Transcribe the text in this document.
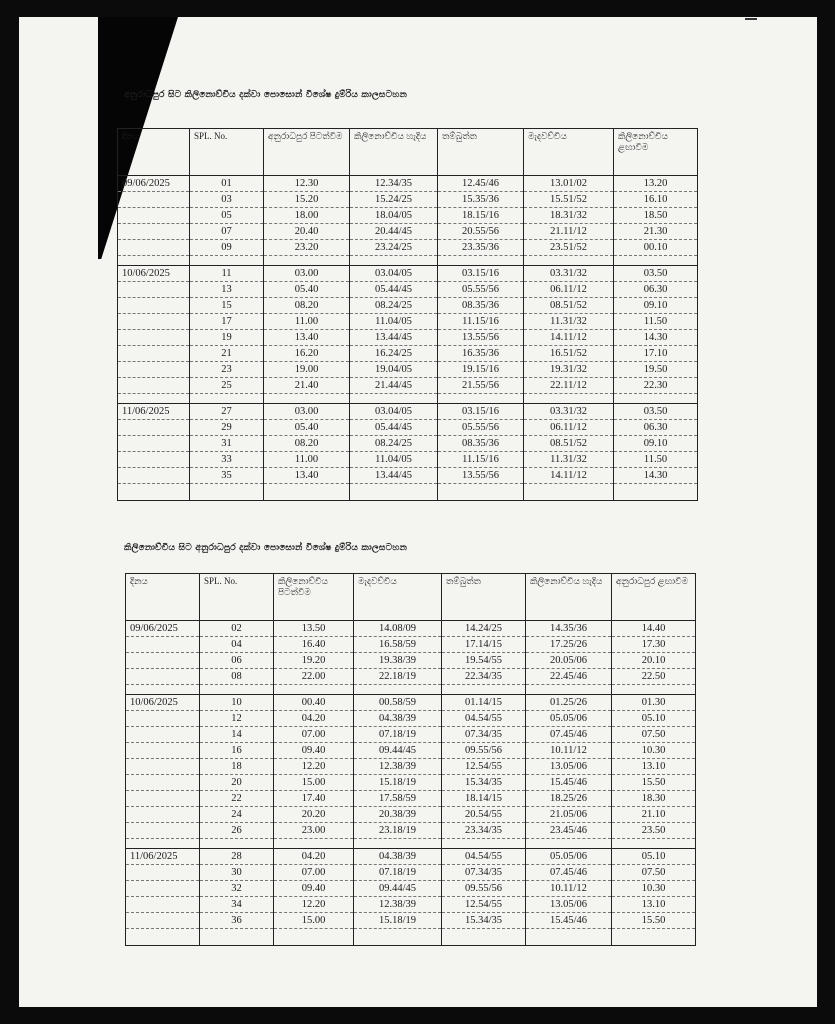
අනුරාධපුර සිට කිලිනොච්චිය දක්වා පොසොන් විශේෂ දුම්රිය කාලසටහන
දිනය	SPL. No.	අනුරාධපුර පිටත්වීම	කිලිනොච්චිය හැදිය	තම්බුත්ත	මැදවච්චිය	කිලිනොච්චිය ළඟාවීම
09/06/2025	01	12.30	12.34/35	12.45/46	13.01/02	13.20
	03	15.20	15.24/25	15.35/36	15.51/52	16.10
	05	18.00	18.04/05	18.15/16	18.31/32	18.50
	07	20.40	20.44/45	20.55/56	21.11/12	21.30
	09	23.20	23.24/25	23.35/36	23.51/52	00.10

10/06/2025	11	03.00	03.04/05	03.15/16	03.31/32	03.50
	13	05.40	05.44/45	05.55/56	06.11/12	06.30
	15	08.20	08.24/25	08.35/36	08.51/52	09.10
	17	11.00	11.04/05	11.15/16	11.31/32	11.50
	19	13.40	13.44/45	13.55/56	14.11/12	14.30
	21	16.20	16.24/25	16.35/36	16.51/52	17.10
	23	19.00	19.04/05	19.15/16	19.31/32	19.50
	25	21.40	21.44/45	21.55/56	22.11/12	22.30

11/06/2025	27	03.00	03.04/05	03.15/16	03.31/32	03.50
	29	05.40	05.44/45	05.55/56	06.11/12	06.30
	31	08.20	08.24/25	08.35/36	08.51/52	09.10
	33	11.00	11.04/05	11.15/16	11.31/32	11.50
	35	13.40	13.44/45	13.55/56	14.11/12	14.30

කිලිනොච්චිය සිට අනුරාධපුර දක්වා පොසොන් විශේෂ දුම්රිය කාලසටහන
දිනය	SPL. No.	කිලිනොච්චිය පිටත්වීම	මැදවච්චිය	තම්බුත්ත	කිලිනොච්චිය හැදිය	අනුරාධපුර ළඟාවීම
09/06/2025	02	13.50	14.08/09	14.24/25	14.35/36	14.40
	04	16.40	16.58/59	17.14/15	17.25/26	17.30
	06	19.20	19.38/39	19.54/55	20.05/06	20.10
	08	22.00	22.18/19	22.34/35	22.45/46	22.50

10/06/2025	10	00.40	00.58/59	01.14/15	01.25/26	01.30
	12	04.20	04.38/39	04.54/55	05.05/06	05.10
	14	07.00	07.18/19	07.34/35	07.45/46	07.50
	16	09.40	09.44/45	09.55/56	10.11/12	10.30
	18	12.20	12.38/39	12.54/55	13.05/06	13.10
	20	15.00	15.18/19	15.34/35	15.45/46	15.50
	22	17.40	17.58/59	18.14/15	18.25/26	18.30
	24	20.20	20.38/39	20.54/55	21.05/06	21.10
	26	23.00	23.18/19	23.34/35	23.45/46	23.50

11/06/2025	28	04.20	04.38/39	04.54/55	05.05/06	05.10
	30	07.00	07.18/19	07.34/35	07.45/46	07.50
	32	09.40	09.44/45	09.55/56	10.11/12	10.30
	34	12.20	12.38/39	12.54/55	13.05/06	13.10
	36	15.00	15.18/19	15.34/35	15.45/46	15.50
